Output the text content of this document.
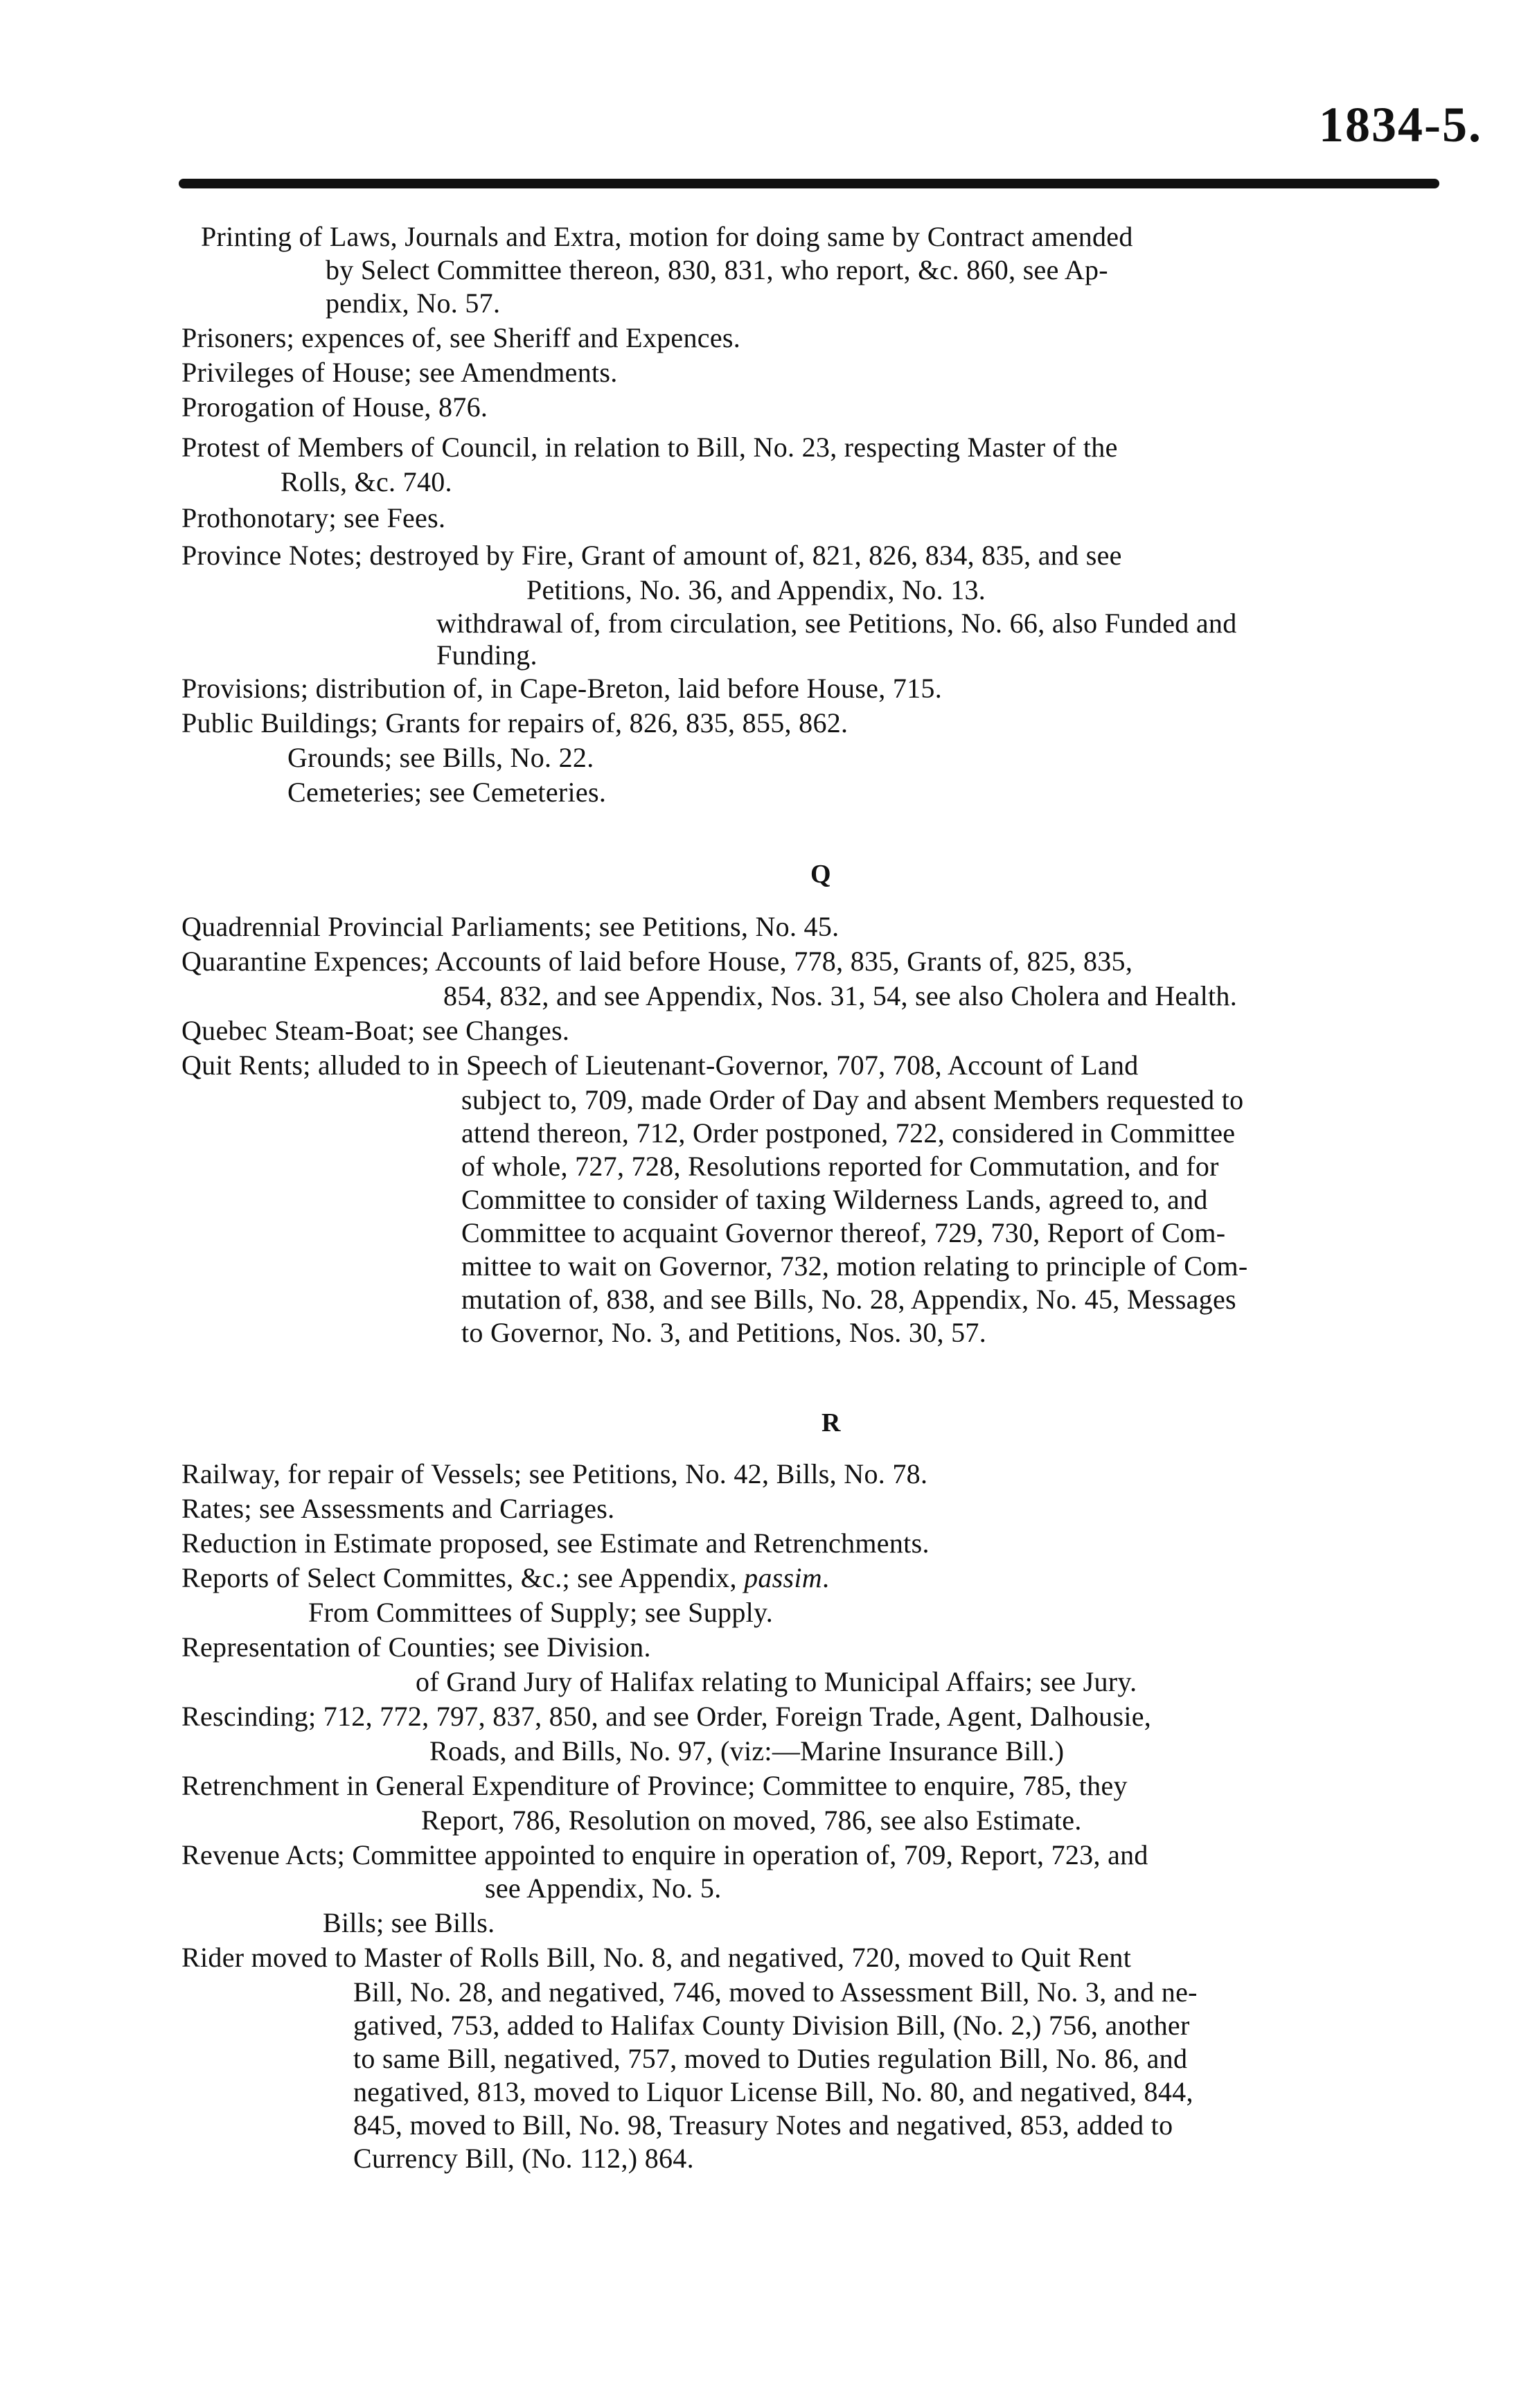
1834-5.
Printing of Laws, Journals and Extra, motion for doing same by Contract amended
by Select Committee thereon, 830, 831, who report, &c. 860, see Ap-
pendix, No. 57.
Prisoners; expences of, see Sheriff and Expences.
Privileges of House; see Amendments.
Prorogation of House, 876.
Protest of Members of Council, in relation to Bill, No. 23, respecting Master of the
Rolls, &c. 740.
Prothonotary; see Fees.
Province Notes; destroyed by Fire, Grant of amount of, 821, 826, 834, 835, and see
Petitions, No. 36, and Appendix, No. 13.
withdrawal of, from circulation, see Petitions, No. 66, also Funded and
Funding.
Provisions; distribution of, in Cape-Breton, laid before House, 715.
Public Buildings; Grants for repairs of, 826, 835, 855, 862.
Grounds; see Bills, No. 22.
Cemeteries; see Cemeteries.
Q
Quadrennial Provincial Parliaments; see Petitions, No. 45.
Quarantine Expences; Accounts of laid before House, 778, 835, Grants of, 825, 835,
854, 832, and see Appendix, Nos. 31, 54, see also Cholera and Health.
Quebec Steam-Boat; see Changes.
Quit Rents; alluded to in Speech of Lieutenant-Governor, 707, 708, Account of Land
subject to, 709, made Order of Day and absent Members requested to
attend thereon, 712, Order postponed, 722, considered in Committee
of whole, 727, 728, Resolutions reported for Commutation, and for
Committee to consider of taxing Wilderness Lands, agreed to, and
Committee to acquaint Governor thereof, 729, 730, Report of Com-
mittee to wait on Governor, 732, motion relating to principle of Com-
mutation of, 838, and see Bills, No. 28, Appendix, No. 45, Messages
to Governor, No. 3, and Petitions, Nos. 30, 57.
R
Railway, for repair of Vessels; see Petitions, No. 42, Bills, No. 78.
Rates; see Assessments and Carriages.
Reduction in Estimate proposed, see Estimate and Retrenchments.
Reports of Select Committes, &c.; see Appendix, passim.
From Committees of Supply; see Supply.
Representation of Counties; see Division.
of Grand Jury of Halifax relating to Municipal Affairs; see Jury.
Rescinding; 712, 772, 797, 837, 850, and see Order, Foreign Trade, Agent, Dalhousie,
Roads, and Bills, No. 97, (viz:—Marine Insurance Bill.)
Retrenchment in General Expenditure of Province; Committee to enquire, 785, they
Report, 786, Resolution on moved, 786, see also Estimate.
Revenue Acts; Committee appointed to enquire in operation of, 709, Report, 723, and
see Appendix, No. 5.
Bills; see Bills.
Rider moved to Master of Rolls Bill, No. 8, and negatived, 720, moved to Quit Rent
Bill, No. 28, and negatived, 746, moved to Assessment Bill, No. 3, and ne-
gatived, 753, added to Halifax County Division Bill, (No. 2,) 756, another
to same Bill, negatived, 757, moved to Duties regulation Bill, No. 86, and
negatived, 813, moved to Liquor License Bill, No. 80, and negatived, 844,
845, moved to Bill, No. 98, Treasury Notes and negatived, 853, added to
Currency Bill, (No. 112,) 864.
